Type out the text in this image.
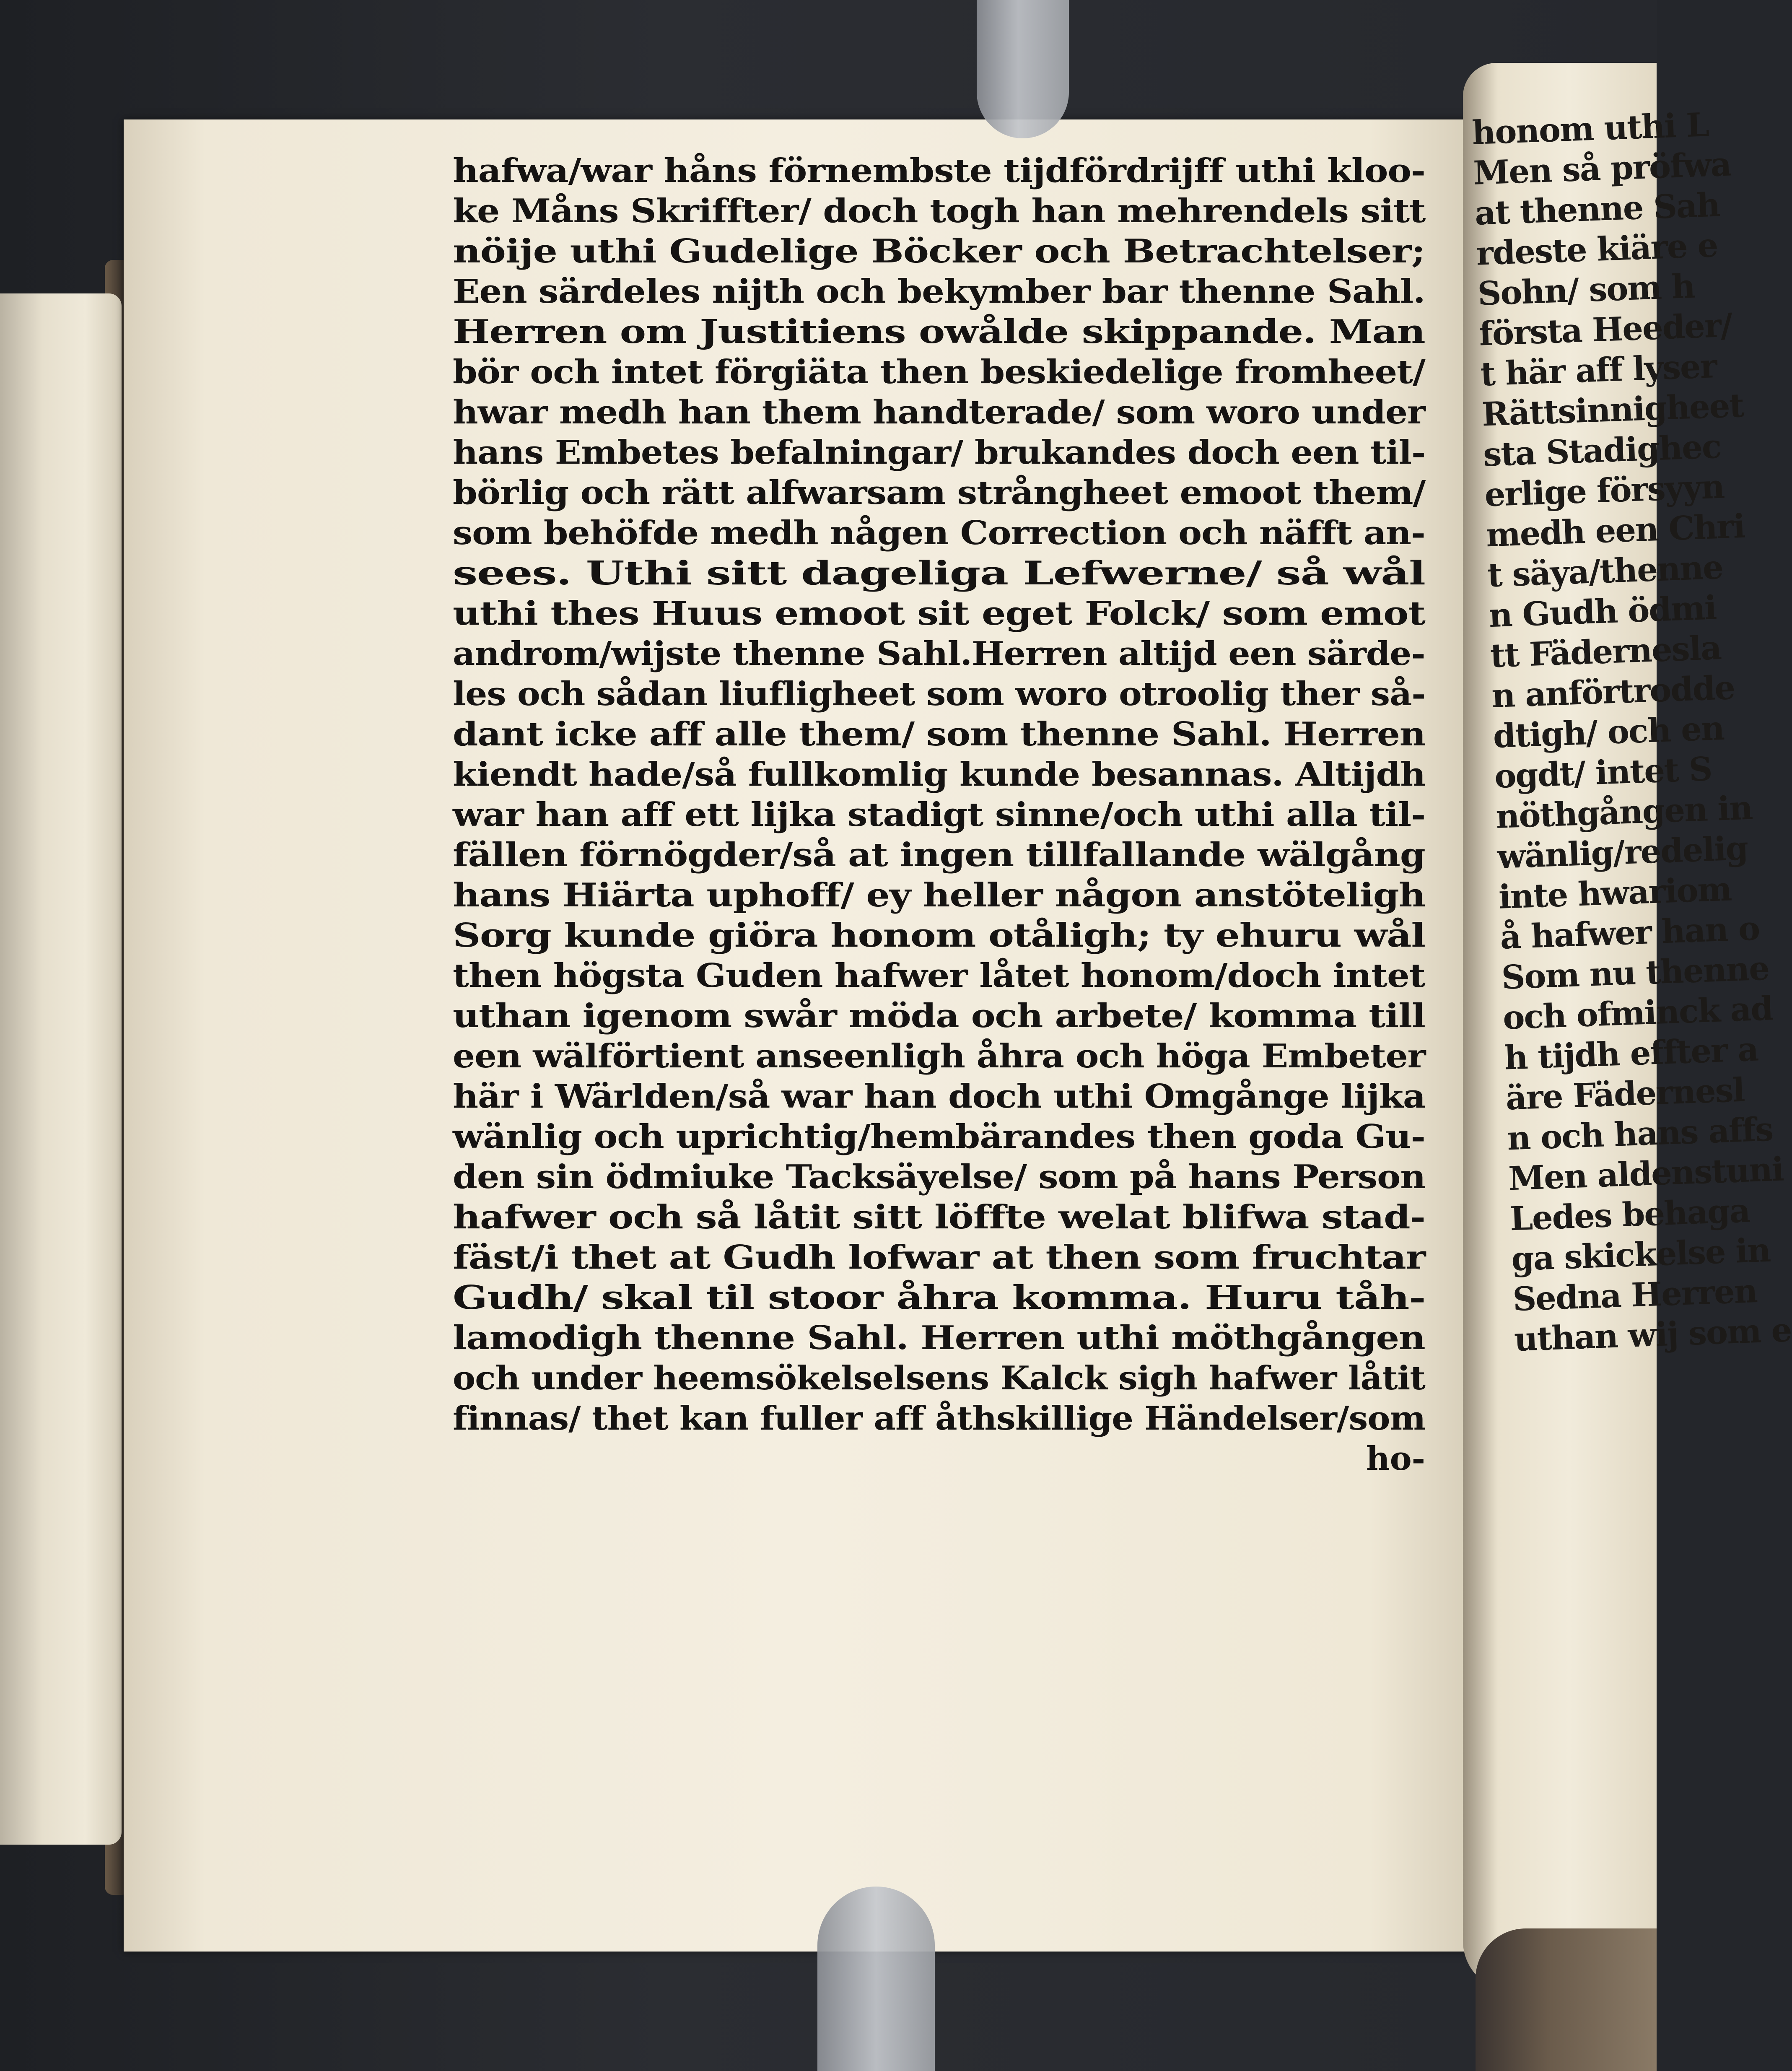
hafwa/war håns förnembste tijdfördrijff uthi kloo-
ke Måns Skriffter/ doch togh han mehrendels sitt
nöije uthi Gudelige Böcker och Betrachtelser;
Een särdeles nijth och bekymber bar thenne Sahl.
Herren om Justitiens owålde skippande. Man
bör och intet förgiäta then beskiedelige fromheet/
hwar medh han them handterade/ som woro under
hans Embetes befalningar/ brukandes doch een til-
börlig och rätt alfwarsam strångheet emoot them/
som behöfde medh någen Correction och näfft an-
sees. Uthi sitt dageliga Lefwerne/ så wål
uthi thes Huus emoot sit eget Folck/ som emot
androm/wijste thenne Sahl.Herren altijd een särde-
les och sådan liufligheet som woro otroolig ther så-
dant icke aff alle them/ som thenne Sahl. Herren
kiendt hade/så fullkomlig kunde besannas. Altijdh
war han aff ett lijka stadigt sinne/och uthi alla til-
fällen förnögder/så at ingen tillfallande wälgång
hans Hiärta uphoff/ ey heller någon anstöteligh
Sorg kunde giöra honom otåligh; ty ehuru wål
then högsta Guden hafwer låtet honom/doch intet
uthan igenom swår möda och arbete/ komma till
een wälförtient anseenligh åhra och höga Embeter
här i Wärlden/så war han doch uthi Omgånge lijka
wänlig och uprichtig/hembärandes then goda Gu-
den sin ödmiuke Tacksäyelse/ som på hans Person
hafwer och så låtit sitt löffte welat blifwa stad-
fäst/i thet at Gudh lofwar at then som fruchtar
Gudh/ skal til stoor åhra komma. Huru tåh-
lamodigh thenne Sahl. Herren uthi möthgången
och under heemsökelselsens Kalck sigh hafwer låtit
finnas/ thet kan fuller aff åthskillige Händelser/som
ho-
honom uthi L
Men så pröfwa
at thenne Sah
rdeste kiäre e
Sohn/ som h
första Heeder/
t här aff lyser
Rättsinnigheet
sta Stadighec
erlige försyyn
medh een Chri
t säya/thenne
n Gudh ödmi
tt Fädernesla
n anförtrodde
dtigh/ och en
ogdt/ intet S
nöthgången in
wänlig/redelig
inte hwariom
å hafwer han o
Som nu thenne
och ofminck ad
h tijdh effter a
äre Fädernesl
n och hans affs
Men aldenstuni
Ledes behaga
ga skickelse in
Sedna Herren
uthan wij som e
